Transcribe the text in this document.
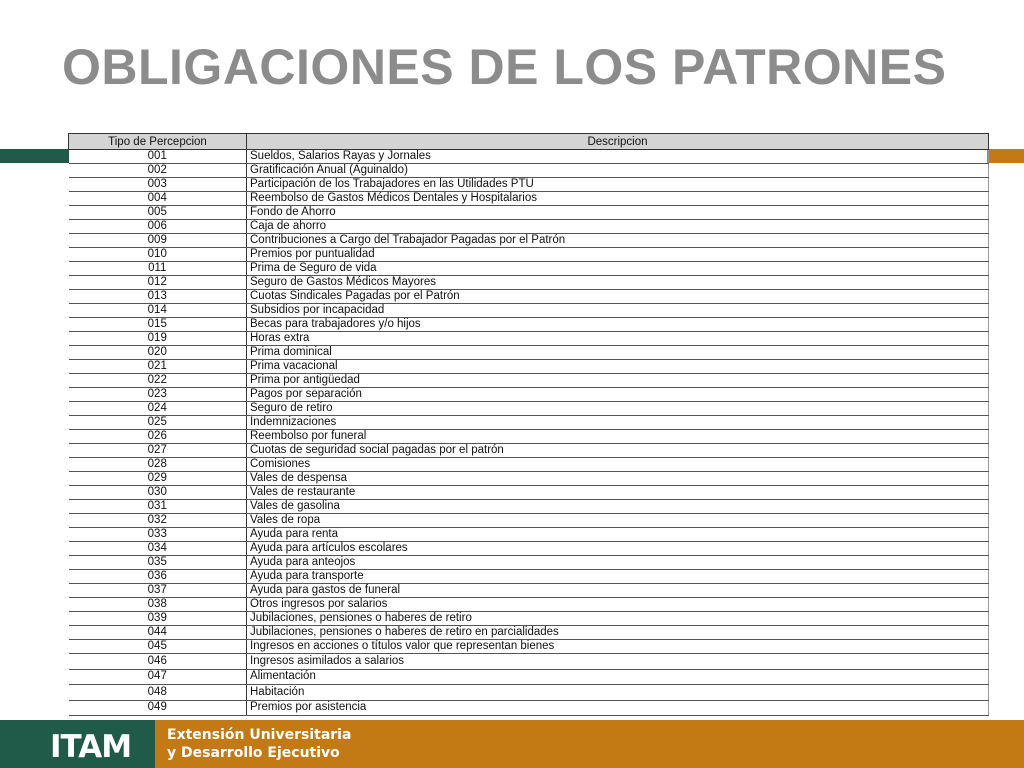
OBLIGACIONES DE LOS PATRONES
Tipo de Percepcion	Descripcion
001	Sueldos, Salarios Rayas y Jornales
002	Gratificación Anual (Aguinaldo)
003	Participación de los Trabajadores en las Utilidades PTU
004	Reembolso de Gastos Médicos Dentales y Hospitalarios
005	Fondo de Ahorro
006	Caja de ahorro
009	Contribuciones a Cargo del Trabajador Pagadas por el Patrón
010	Premios por puntualidad
011	Prima de Seguro de vida
012	Seguro de Gastos Médicos Mayores
013	Cuotas Sindicales Pagadas por el Patrón
014	Subsidios por incapacidad
015	Becas para trabajadores y/o hijos
019	Horas extra
020	Prima dominical
021	Prima vacacional
022	Prima por antigüedad
023	Pagos por separación
024	Seguro de retiro
025	Indemnizaciones
026	Reembolso por funeral
027	Cuotas de seguridad social pagadas por el patrón
028	Comisiones
029	Vales de despensa
030	Vales de restaurante
031	Vales de gasolina
032	Vales de ropa
033	Ayuda para renta
034	Ayuda para artículos escolares
035	Ayuda para anteojos
036	Ayuda para transporte
037	Ayuda para gastos de funeral
038	Otros ingresos por salarios
039	Jubilaciones, pensiones o haberes de retiro
044	Jubilaciones, pensiones o haberes de retiro en parcialidades
045	Ingresos en acciones o títulos valor que representan bienes
046	Ingresos asimilados a salarios
047	Alimentación
048	Habitación
049	Premios por asistencia
ITAM	Extensión Universitaria
y Desarrollo Ejecutivo
